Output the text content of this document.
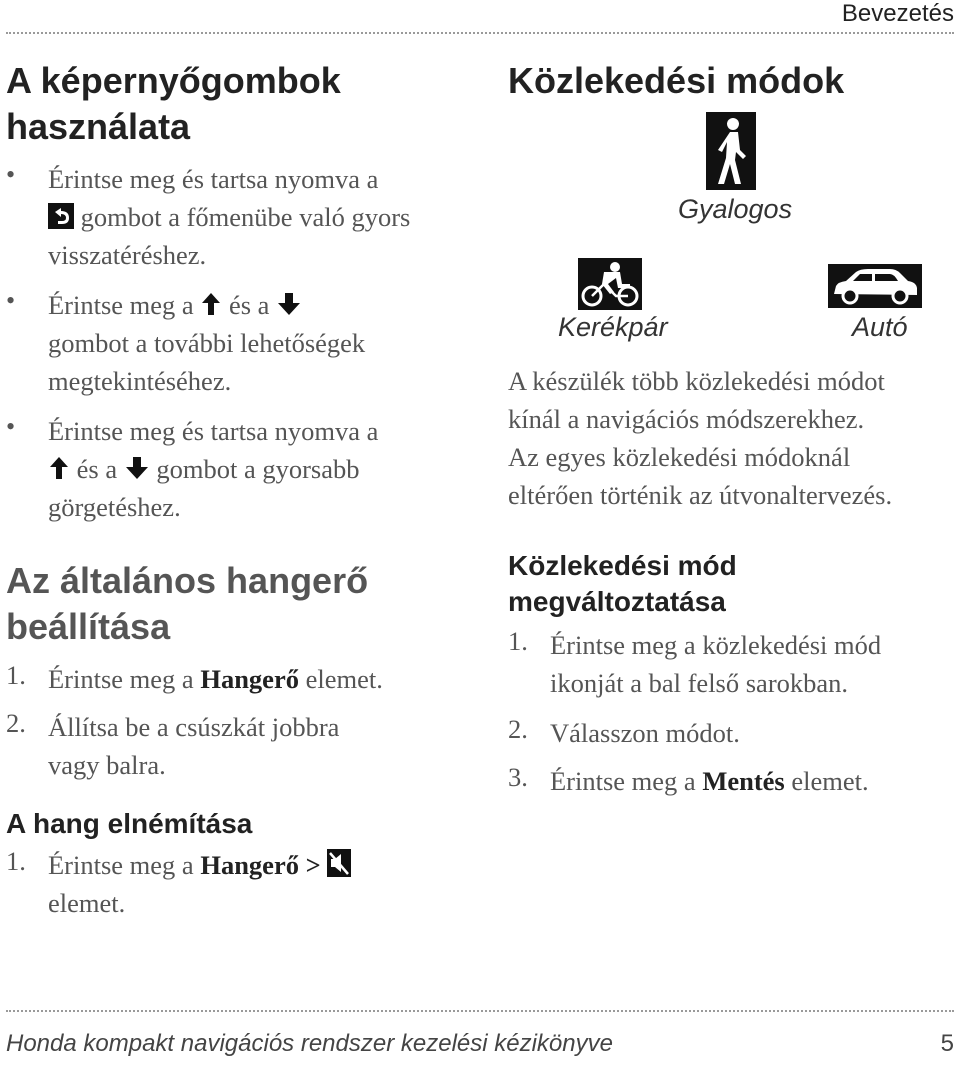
Bevezetés
A képernyőgombok használata
• Érintse meg és tartsa nyomva a
gombot a főmenübe való gyors
visszatéréshez.
• Érintse meg a és a
gombot a további lehetőségek
megtekintéséhez.
• Érintse meg és tartsa nyomva a
és a gombot a gyorsabb
görgetéshez.
Az általános hangerő beállítása
1. Érintse meg a Hangerő elemet.
2. Állítsa be a csúszkát jobbra
vagy balra.
A hang elnémítása
1. Érintse meg a Hangerő >
elemet.
Közlekedési módok
Gyalogos
Kerékpár	Autó
A készülék több közlekedési módot
kínál a navigációs módszerekhez.
Az egyes közlekedési módoknál
eltérően történik az útvonaltervezés.
Közlekedési mód megváltoztatása
1. Érintse meg a közlekedési mód
ikonját a bal felső sarokban.
2. Válasszon módot.
3. Érintse meg a Mentés elemet.
Honda kompakt navigációs rendszer kezelési kézikönyve	5
